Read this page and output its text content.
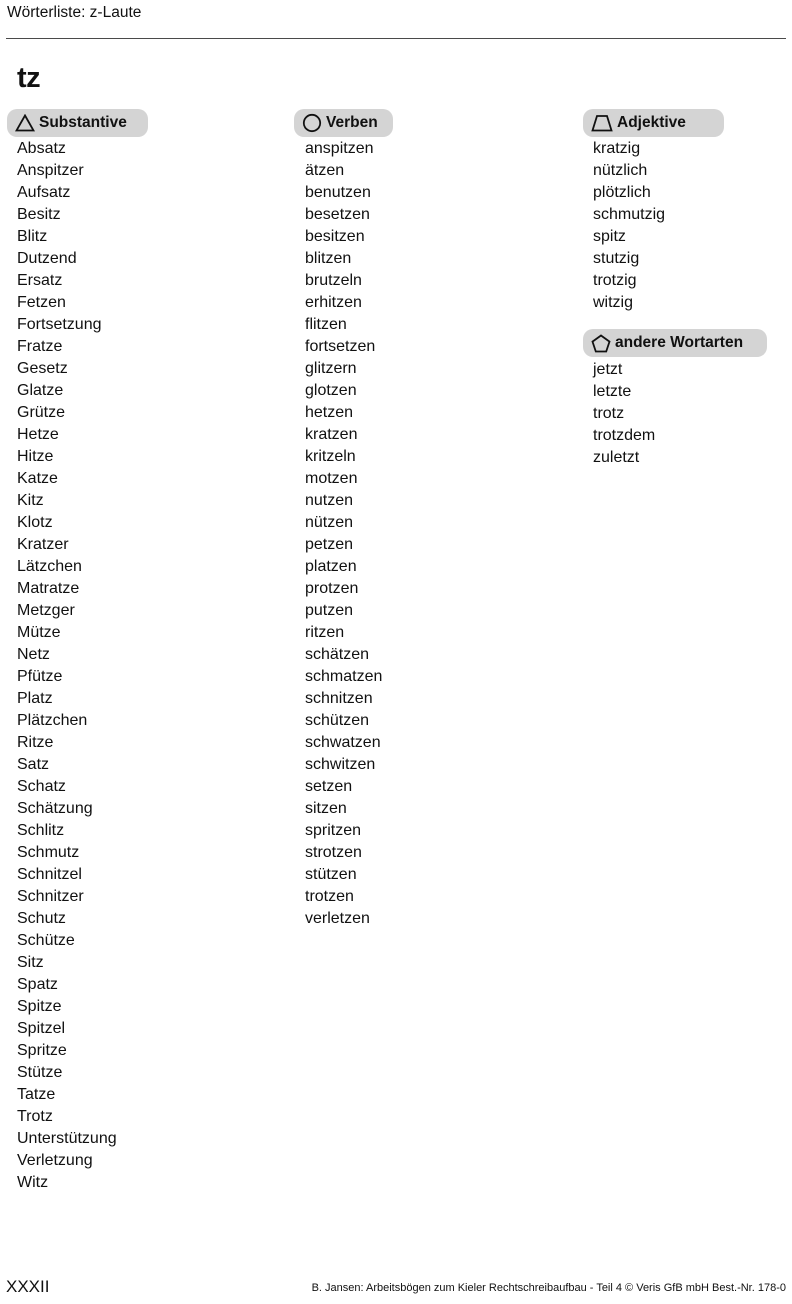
Wörterliste: z-Laute
tz
Substantive
Absatz
Anspitzer
Aufsatz
Besitz
Blitz
Dutzend
Ersatz
Fetzen
Fortsetzung
Fratze
Gesetz
Glatze
Grütze
Hetze
Hitze
Katze
Kitz
Klotz
Kratzer
Lätzchen
Matratze
Metzger
Mütze
Netz
Pfütze
Platz
Plätzchen
Ritze
Satz
Schatz
Schätzung
Schlitz
Schmutz
Schnitzel
Schnitzer
Schutz
Schütze
Sitz
Spatz
Spitze
Spitzel
Spritze
Stütze
Tatze
Trotz
Unterstützung
Verletzung
Witz
Verben
anspitzen
ätzen
benutzen
besetzen
besitzen
blitzen
brutzeln
erhitzen
flitzen
fortsetzen
glitzern
glotzen
hetzen
kratzen
kritzeln
motzen
nutzen
nützen
petzen
platzen
protzen
putzen
ritzen
schätzen
schmatzen
schnitzen
schützen
schwatzen
schwitzen
setzen
sitzen
spritzen
strotzen
stützen
trotzen
verletzen
Adjektive
kratzig
nützlich
plötzlich
schmutzig
spitz
stutzig
trotzig
witzig
andere Wortarten
jetzt
letzte
trotz
trotzdem
zuletzt
XXXII	B. Jansen: Arbeitsbögen zum Kieler Rechtschreibaufbau - Teil 4 © Veris GfB mbH Best.-Nr. 178-0
